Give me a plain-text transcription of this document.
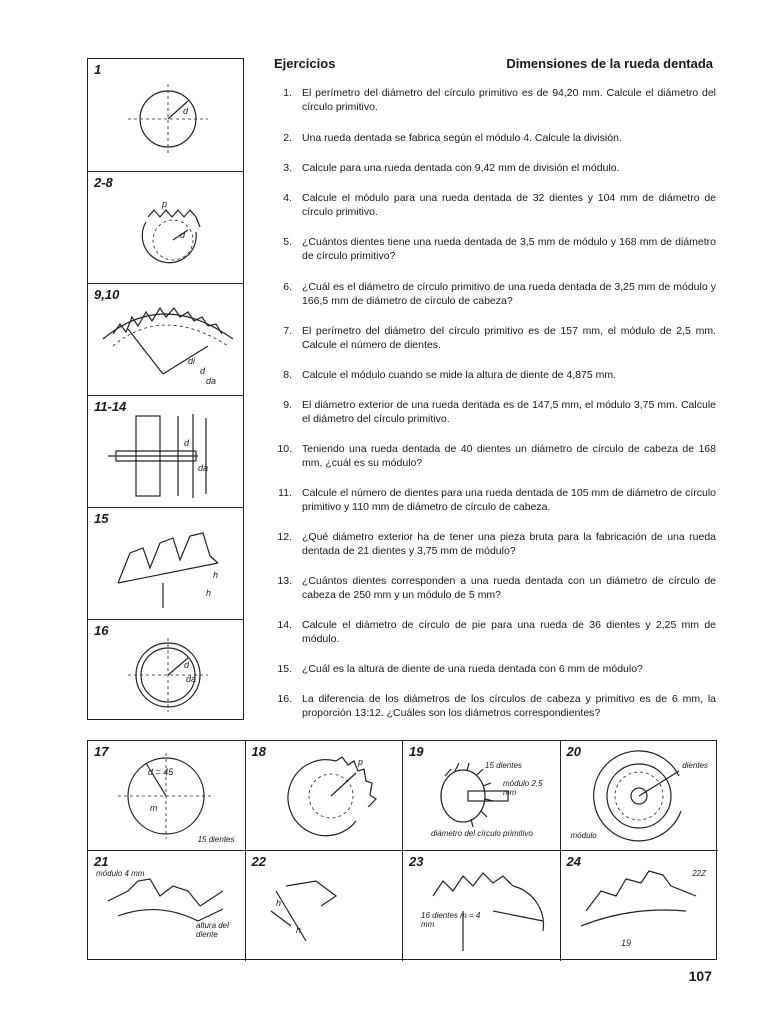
Ejercicios	Dimensiones de la rueda dentada
1
d
2-8
p
d
9,10
di
d
da
11-14
d
da
15
h
h
16
d
da
1. El perímetro del diámetro del círculo primitivo es de 94,20 mm. Calcule el diámetro del círculo primitivo.
2. Una rueda dentada se fabrica según el módulo 4. Calcule la división.
3. Calcule para una rueda dentada con 9,42 mm de división el módulo.
4. Calcule el módulo para una rueda dentada de 32 dientes y 104 mm de diámetro de círculo primitivo.
5. ¿Cuántos dientes tiene una rueda dentada de 3,5 mm de módulo y 168 mm de diámetro de círculo primitivo?
6. ¿Cuál es el diámetro de círculo primitivo de una rueda dentada de 3,25 mm de módulo y 166,5 mm de diámetro de círculo de cabeza?
7. El perímetro del diámetro del círculo primitivo es de 157 mm, el módulo de 2,5 mm. Calcule el número de dientes.
8. Calcule el módulo cuando se mide la altura de diente de 4,875 mm.
9. El diámetro exterior de una rueda dentada es de 147,5 mm, el módulo 3,75 mm. Calcule el diámetro del círculo primitivo.
10. Teniendo una rueda dentada de 40 dientes un diámetro de círculo de cabeza de 168 mm, ¿cuál es su módulo?
11. Calcule el número de dientes para una rueda dentada de 105 mm de diámetro de círculo primitivo y 110 mm de diámetro de círculo de cabeza.
12. ¿Qué diámetro exterior ha de tener una pieza bruta para la fabricación de una rueda dentada de 21 dientes y 3,75 mm de módulo?
13. ¿Cuántos dientes corresponden a una rueda dentada con un diámetro de círculo de cabeza de 250 mm y un módulo de 5 mm?
14. Calcule el diámetro de círculo de pie para una rueda de 36 dientes y 2,25 mm de módulo.
15. ¿Cuál es la altura de diente de una rueda dentada con 6 mm de módulo?
16. La diferencia de los diámetros de los círculos de cabeza y primitivo es de 6 mm, la proporción 13:12. ¿Cuáles son los diámetros correspondientes?
17
d = 45
m
15 dientes
18
p
19
15 dientes
módulo 2,5 mm
diámetro del círculo primitivo
20
dientes
módulo
21
módulo 4 mm
altura del diente
22
h
h
23
16 dientes m = 4 mm
24
19
22Z
107
